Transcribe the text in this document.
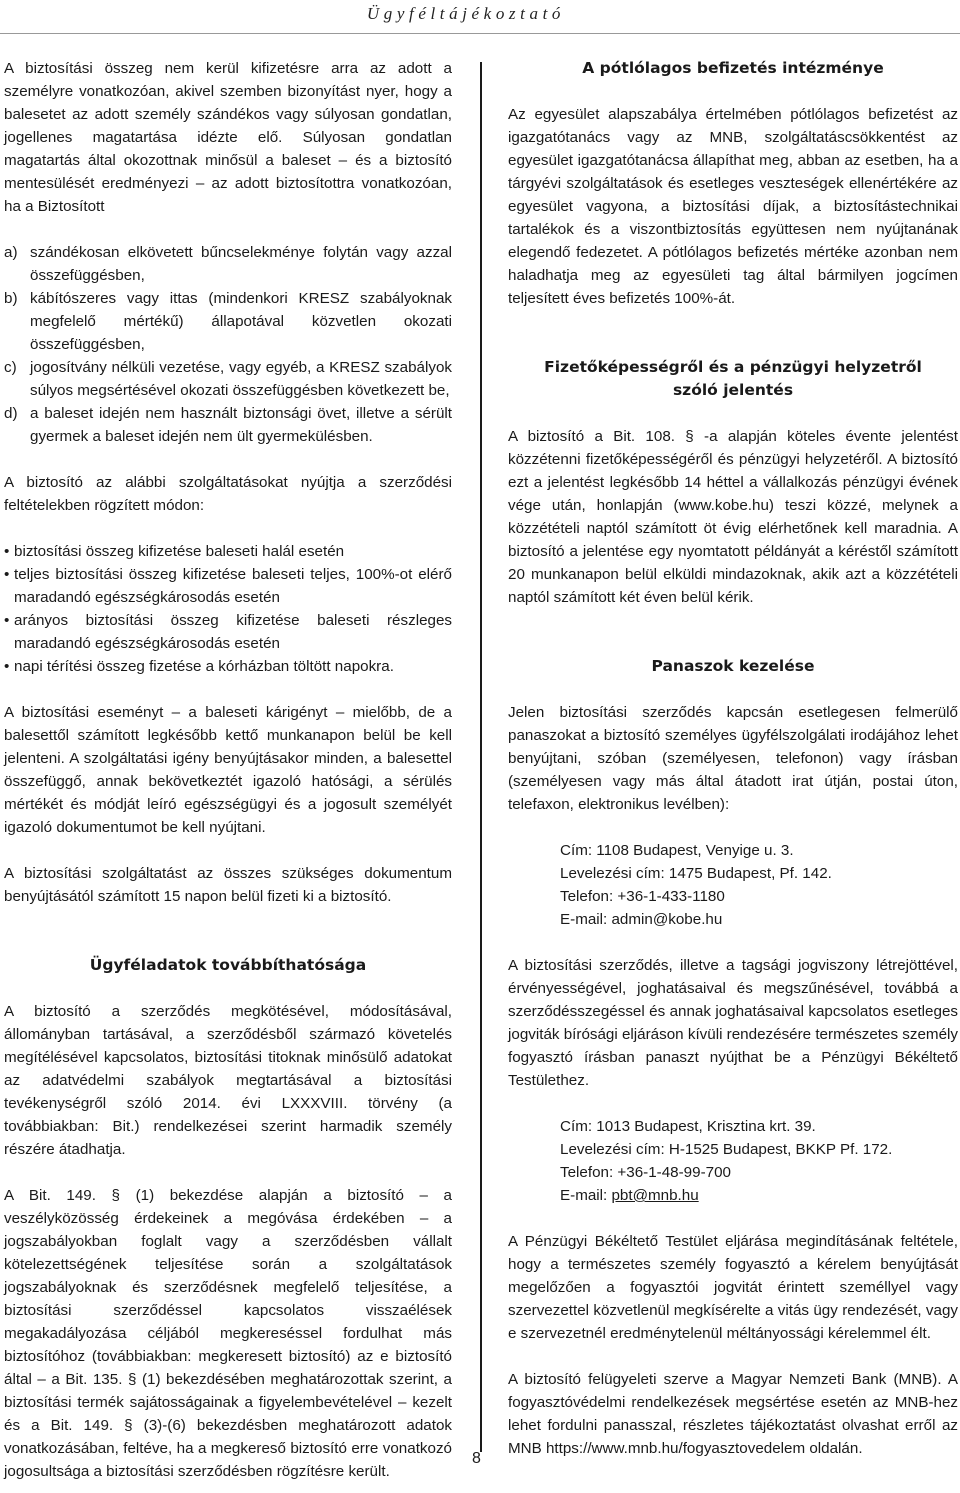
Ügyféltájékoztató

A biztosítási összeg nem kerül kifizetésre arra az adott a személyre vonatkozóan, akivel szemben bizonyítást nyer, hogy a balesetet az adott személy szándékos vagy súlyosan gondatlan, jogellenes magatartása idézte elő. Súlyosan gondatlan magatartás által okozottnak minősül a baleset – és a biztosító mentesülését eredményezi – az adott biztosítottra vonatkozóan, ha a Biztosított

a) szándékosan elkövetett bűncselekménye folytán vagy azzal összefüggésben,
b) kábítószeres vagy ittas (mindenkori KRESZ szabályoknak megfelelő mértékű) állapotával közvetlen okozati összefüggésben,
c) jogosítvány nélküli vezetése, vagy egyéb, a KRESZ szabályok súlyos megsértésével okozati összefüggésben következett be,
d) a baleset idején nem használt biztonsági övet, illetve a sérült gyermek a baleset idején nem ült gyermekülésben.

A biztosító az alábbi szolgáltatásokat nyújtja a szerződési feltételekben rögzített módon:

• biztosítási összeg kifizetése baleseti halál esetén
• teljes biztosítási összeg kifizetése baleseti teljes, 100%-ot elérő maradandó egészségkárosodás esetén
• arányos biztosítási összeg kifizetése baleseti részleges maradandó egészségkárosodás esetén
• napi térítési összeg fizetése a kórházban töltött napokra.

A biztosítási eseményt – a baleseti kárigényt – mielőbb, de a balesettől számított legkésőbb kettő munkanapon belül be kell jelenteni. A szolgáltatási igény benyújtásakor minden, a balesettel összefüggő, annak bekövetkeztét igazoló hatósági, a sérülés mértékét és módját leíró egészségügyi és a jogosult személyét igazoló dokumentumot be kell nyújtani.

A biztosítási szolgáltatást az összes szükséges dokumentum benyújtásától számított 15 napon belül fizeti ki a biztosító.

Ügyféladatok továbbíthatósága

A biztosító a szerződés megkötésével, módosításával, állományban tartásával, a szerződésből származó követelés megítélésével kapcsolatos, biztosítási titoknak minősülő adatokat az adatvédelmi szabályok megtartásával a biztosítási tevékenységről szóló 2014. évi LXXXVIII. törvény (a továbbiakban: Bit.) rendelkezései szerint harmadik személy részére átadhatja.

A Bit. 149. § (1) bekezdése alapján a biztosító – a veszélyközösség érdekeinek a megóvása érdekében – a jogszabályokban foglalt vagy a szerződésben vállalt kötelezettségének teljesítése során a szolgáltatások jogszabályoknak és szerződésnek megfelelő teljesítése, a biztosítási szerződéssel kapcsolatos visszaélések megakadályozása céljából megkereséssel fordulhat más biztosítóhoz (továbbiakban: megkeresett biztosító) az e biztosító által – a Bit. 135. § (1) bekezdésében meghatározottak szerint, a biztosítási termék sajátosságainak a figyelembevételével – kezelt és a Bit. 149. § (3)-(6) bekezdésben meghatározott adatok vonatkozásában, feltéve, ha a megkereső biztosító erre vonatkozó jogosultsága a biztosítási szerződésben rögzítésre került.

A pótlólagos befizetés intézménye

Az egyesület alapszabálya értelmében pótlólagos befizetést az igazgatótanács vagy az MNB, szolgáltatáscsökkentést az egyesület igazgatótanácsa állapíthat meg, abban az esetben, ha a tárgyévi szolgáltatások és esetleges veszteségek ellenértékére az egyesület vagyona, a biztosítási díjak, a biztosítástechnikai tartalékok és a viszontbiztosítás együttesen nem nyújtanának elegendő fedezetet. A pótlólagos befizetés mértéke azonban nem haladhatja meg az egyesületi tag által bármilyen jogcímen teljesített éves befizetés 100%-át.

Fizetőképességről és a pénzügyi helyzetről
szóló jelentés

A biztosító a Bit. 108. § -a alapján köteles évente jelentést közzétenni fizetőképességéről és pénzügyi helyzetéről. A biztosító ezt a jelentést legkésőbb 14 héttel a vállalkozás pénzügyi évének vége után, honlapján (www.kobe.hu) teszi közzé, melynek a közzétételi naptól számított öt évig elérhetőnek kell maradnia. A biztosító a jelentése egy nyomtatott példányát a kéréstől számított 20 munkanapon belül elküldi mindazoknak, akik azt a közzétételi naptól számított két éven belül kérik.

Panaszok kezelése

Jelen biztosítási szerződés kapcsán esetlegesen felmerülő panaszokat a biztosító személyes ügyfélszolgálati irodájához lehet benyújtani, szóban (személyesen, telefonon) vagy írásban (személyesen vagy más által átadott irat útján, postai úton, telefaxon, elektronikus levélben):

Cím: 1108 Budapest, Venyige u. 3.
Levelezési cím: 1475 Budapest, Pf. 142.
Telefon: +36-1-433-1180
E-mail: admin@kobe.hu

A biztosítási szerződés, illetve a tagsági jogviszony létrejöttével, érvényességével, joghatásaival és megszűnésével, továbbá a szerződésszegéssel és annak joghatásaival kapcsolatos esetleges jogviták bírósági eljáráson kívüli rendezésére természetes személy fogyasztó írásban panaszt nyújthat be a Pénzügyi Békéltető Testülethez.

Cím: 1013 Budapest, Krisztina krt. 39.
Levelezési cím: H-1525 Budapest, BKKP Pf. 172.
Telefon: +36-1-48-99-700
E-mail: pbt@mnb.hu

A Pénzügyi Békéltető Testület eljárása megindításának feltétele, hogy a természetes személy fogyasztó a kérelem benyújtását megelőzően a fogyasztói jogvitát érintett személlyel vagy szervezettel közvetlenül megkísérelte a vitás ügy rendezését, vagy e szervezetnél eredménytelenül méltányossági kérelemmel élt.

A biztosító felügyeleti szerve a Magyar Nemzeti Bank (MNB). A fogyasztóvédelmi rendelkezések megsértése esetén az MNB-hez lehet fordulni panasszal, részletes tájékoztatást olvashat erről az MNB https://www.mnb.hu/fogyasztovedelem oldalán.

8
